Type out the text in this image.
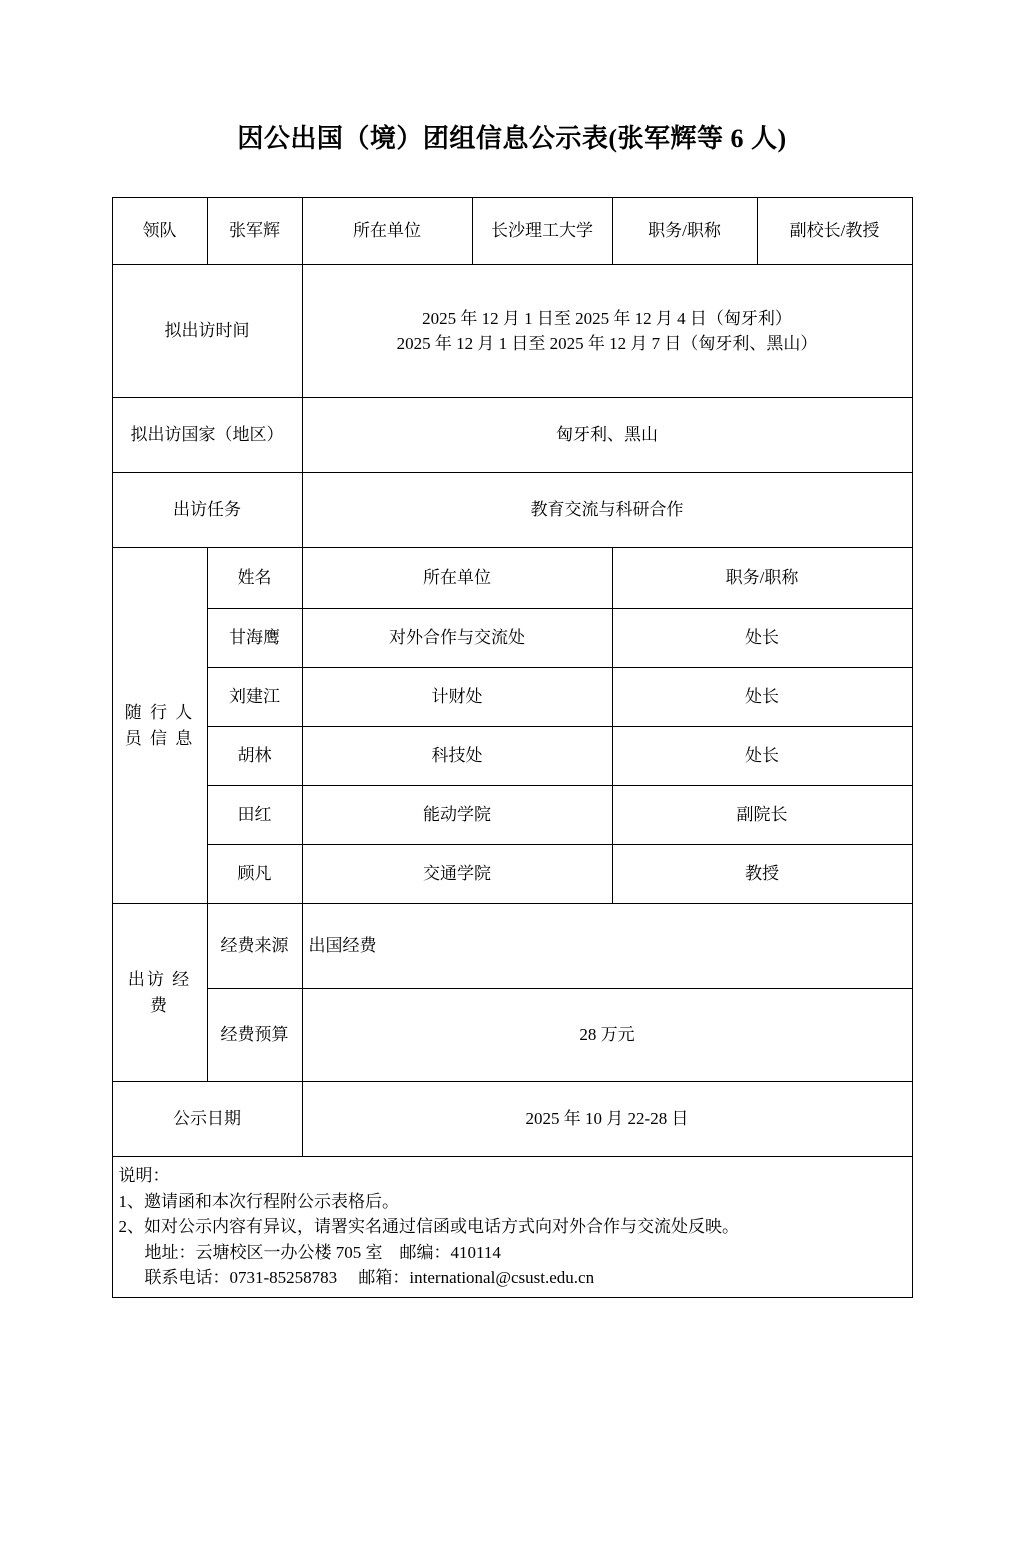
因公出国（境）团组信息公示表(张军辉等 6 人)
领队	张军辉	所在单位	长沙理工大学	职务/职称	副校长/教授
拟出访时间		2025 年 12 月 1 日至 2025 年 12 月 4 日（匈牙利）
2025 年 12 月 1 日至 2025 年 12 月 7 日（匈牙利、黑山）			

拟出访国家（地区）		匈牙利、黑山			
出访任务		教育交流与科研合作			
随 行 人 员 信 息	姓名	所在单位		职务/职称	
	甘海鹰	对外合作与交流处		处长	
	刘建江	计财处		处长	
	胡林	科技处		处长	
	田红	能动学院		副院长	
	顾凡	交通学院		教授	
出访 经费	经费来源	出国经费			
	经费预算	28 万元			
公示日期		2025 年 10 月 22-28 日			

说明：
1、邀请函和本次行程附公示表格后。
2、如对公示内容有异议，请署实名通过信函或电话方式向对外合作与交流处反映。
地址：云塘校区一办公楼 705 室　邮编：410114
联系电话：0731-85258783　 邮箱：international@csust.edu.cn					
